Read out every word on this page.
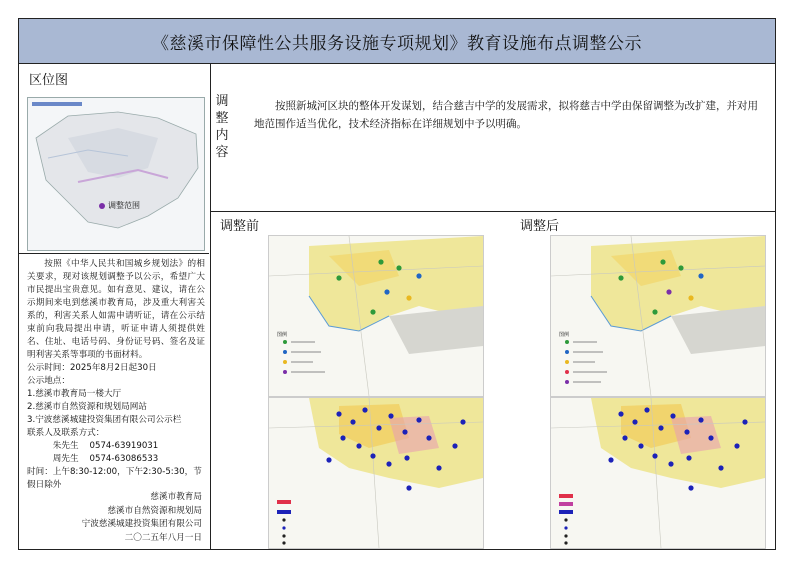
《慈溪市保障性公共服务设施专项规划》教育设施布点调整公示
区位图
调整范围

按照《中华人民共和国城乡规划法》的相关要求，现对该规划调整予以公示，希望广大市民提出宝贵意见。如有意见、建议，请在公示期间来电到慈溪市教育局，涉及重大利害关系的，利害关系人如需申请听证，请在公示结束前向我局提出申请，听证申请人须提供姓名、住址、电话号码、身份证号码、签名及证明利害关系等事项的书面材料。

公示时间：2025年8月2日起30日

公示地点：

1.慈溪市教育局一楼大厅

2.慈溪市自然资源和规划局网站

3.宁波慈溪城建投资集团有限公司公示栏

联系人及联系方式：

朱先生 0574-63919031

周先生 0574-63086533

时间：上午8:30-12:00，下午2:30-5:30，节假日除外

慈溪市教育局
慈溪市自然资源和规划局
宁波慈溪城建投资集团有限公司
二〇二五年八月一日
调整内容
按照新城河区块的整体开发谋划，结合慈吉中学的发展需求，拟将慈吉中学由保留调整为改扩建，并对用地范围作适当优化，技术经济指标在详细规划中予以明确。
调整前	调整后
图例	图例
